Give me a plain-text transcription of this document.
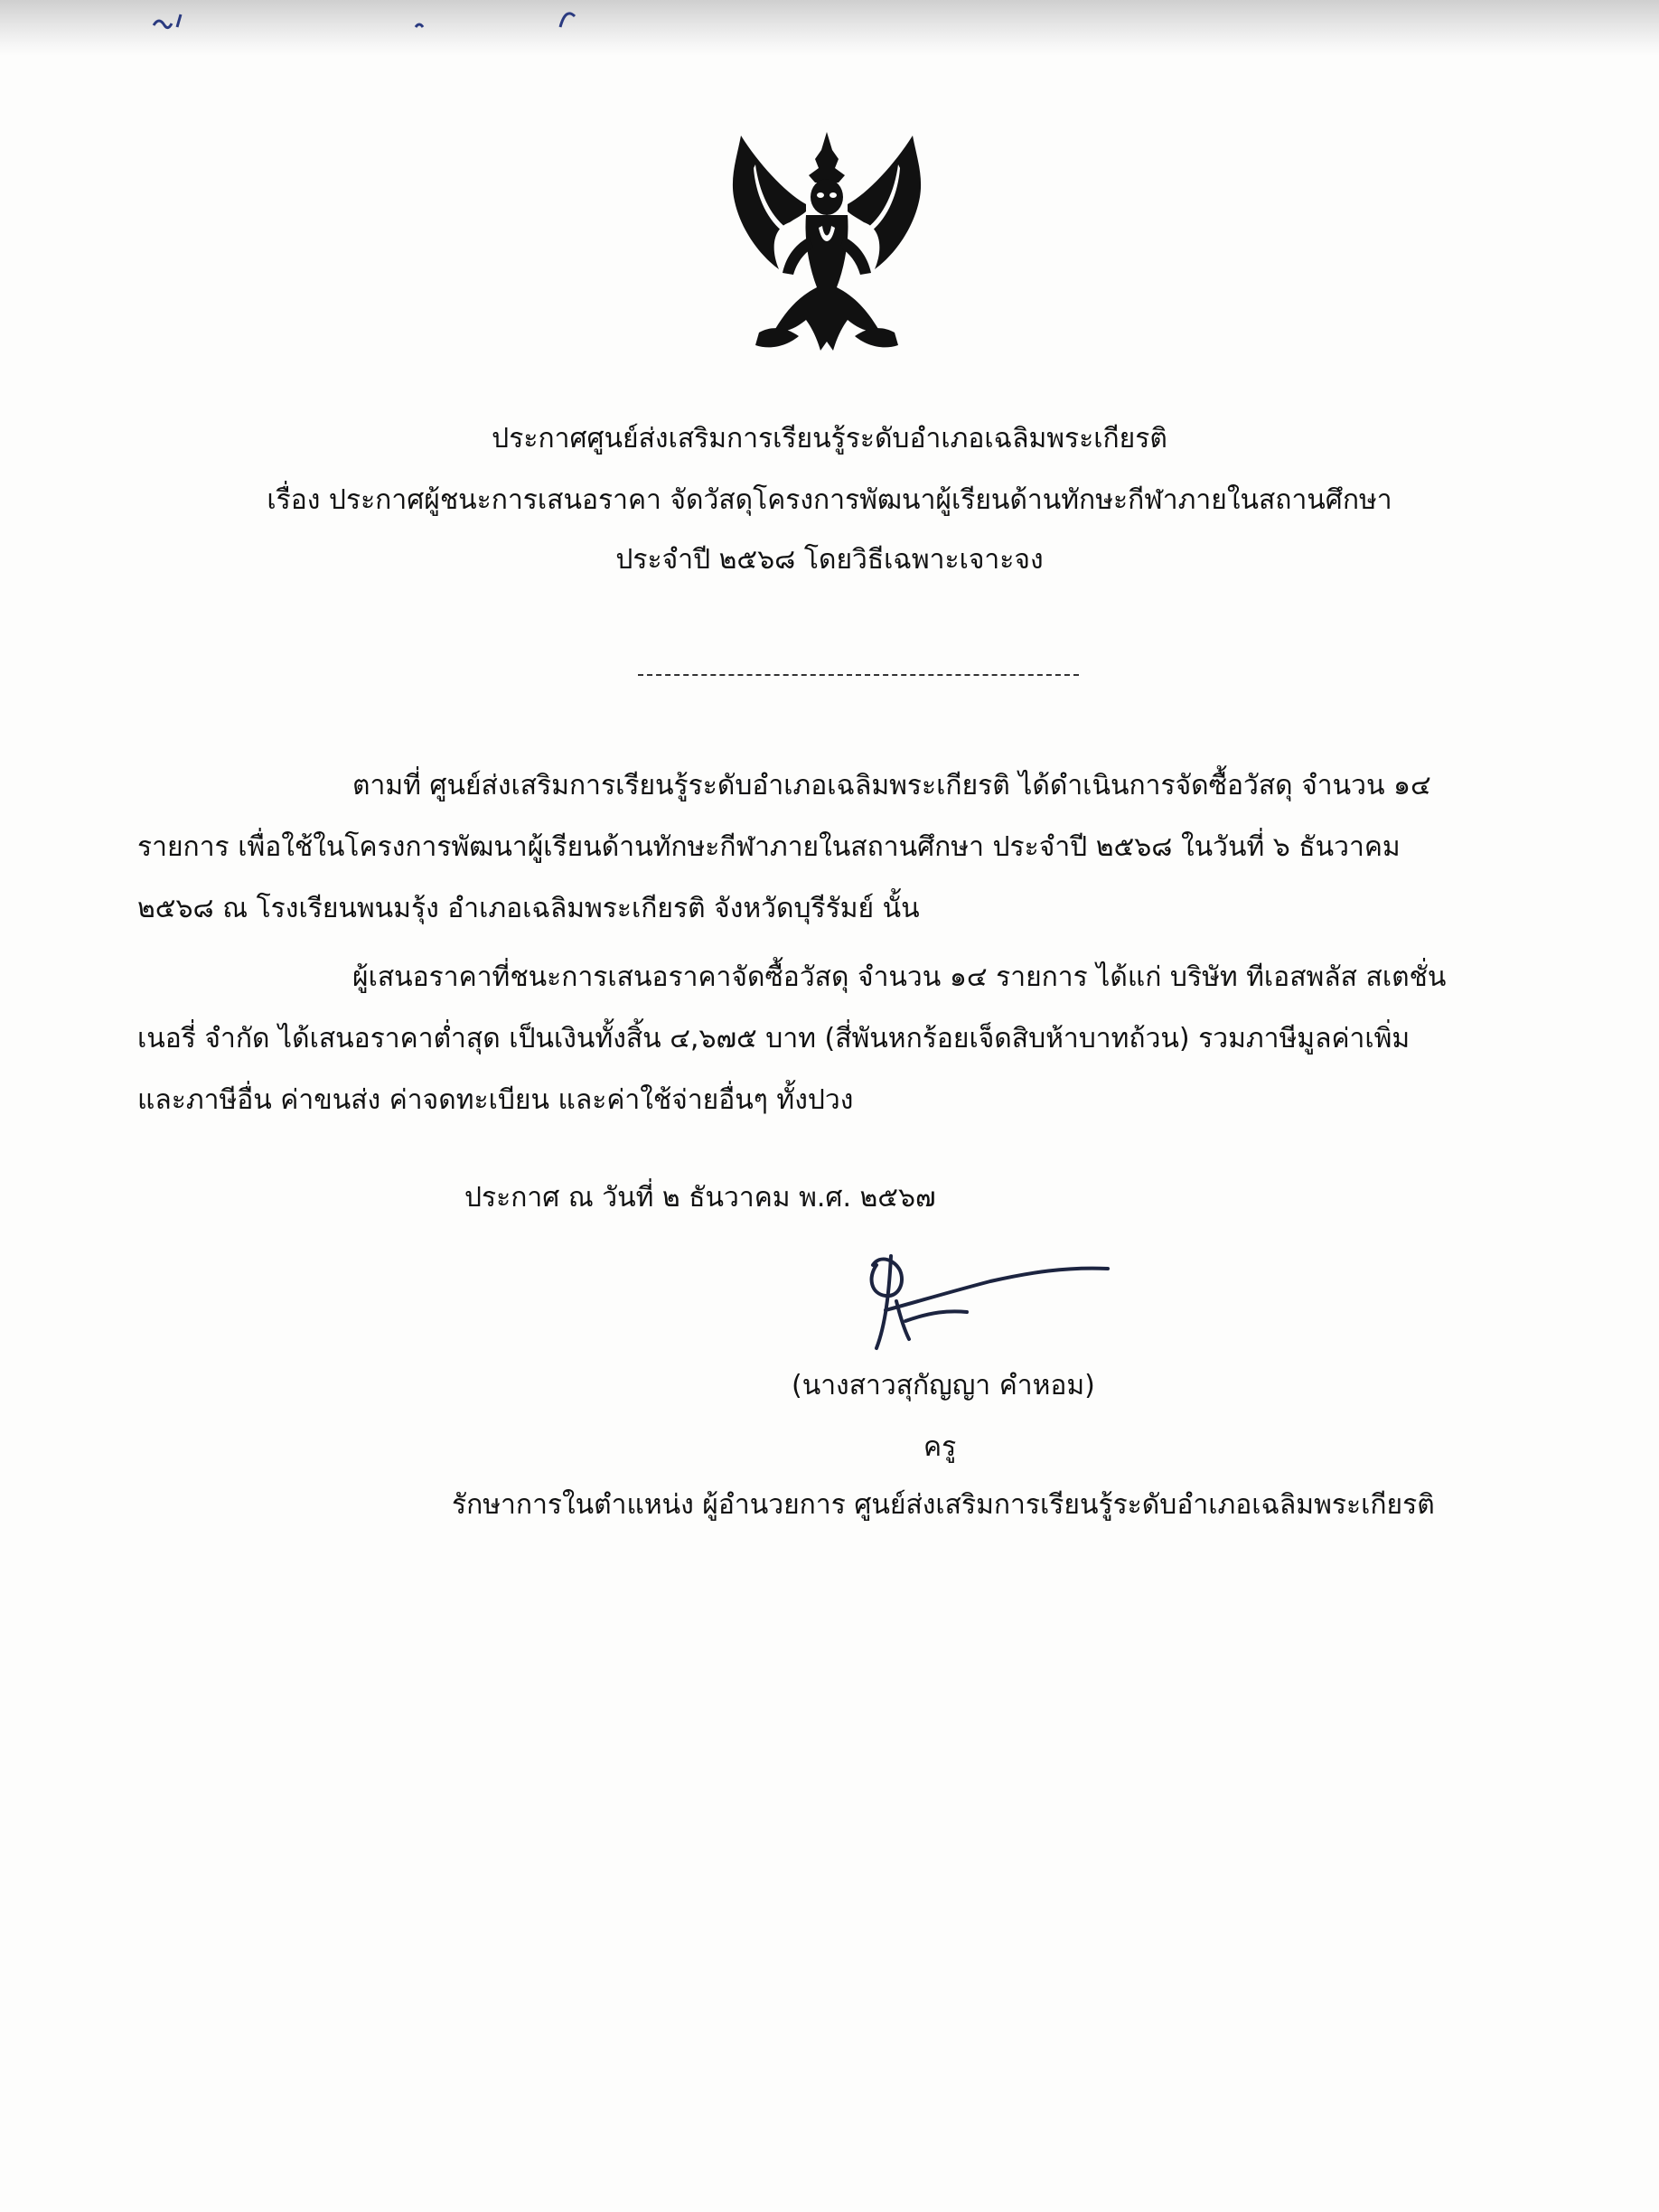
ประกาศศูนย์ส่งเสริมการเรียนรู้ระดับอำเภอเฉลิมพระเกียรติ
เรื่อง ประกาศผู้ชนะการเสนอราคา จัดวัสดุโครงการพัฒนาผู้เรียนด้านทักษะกีฬาภายในสถานศึกษา
ประจำปี ๒๕๖๘ โดยวิธีเฉพาะเจาะจง
ตามที่ ศูนย์ส่งเสริมการเรียนรู้ระดับอำเภอเฉลิมพระเกียรติ ได้ดำเนินการจัดซื้อวัสดุ จำนวน ๑๔
รายการ เพื่อใช้ในโครงการพัฒนาผู้เรียนด้านทักษะกีฬาภายในสถานศึกษา ประจำปี ๒๕๖๘ ในวันที่ ๖ ธันวาคม
๒๕๖๘ ณ โรงเรียนพนมรุ้ง อำเภอเฉลิมพระเกียรติ จังหวัดบุรีรัมย์ นั้น
ผู้เสนอราคาที่ชนะการเสนอราคาจัดซื้อวัสดุ จำนวน ๑๔ รายการ ได้แก่ บริษัท ทีเอสพลัส สเตชั่น
เนอรี่ จำกัด ได้เสนอราคาต่ำสุด เป็นเงินทั้งสิ้น ๔,๖๗๕ บาท (สี่พันหกร้อยเจ็ดสิบห้าบาทถ้วน) รวมภาษีมูลค่าเพิ่ม
และภาษีอื่น ค่าขนส่ง ค่าจดทะเบียน และค่าใช้จ่ายอื่นๆ ทั้งปวง
ประกาศ ณ วันที่ ๒ ธันวาคม พ.ศ. ๒๕๖๗
(นางสาวสุกัญญา คำหอม)
ครู
รักษาการในตำแหน่ง ผู้อำนวยการ ศูนย์ส่งเสริมการเรียนรู้ระดับอำเภอเฉลิมพระเกียรติ
